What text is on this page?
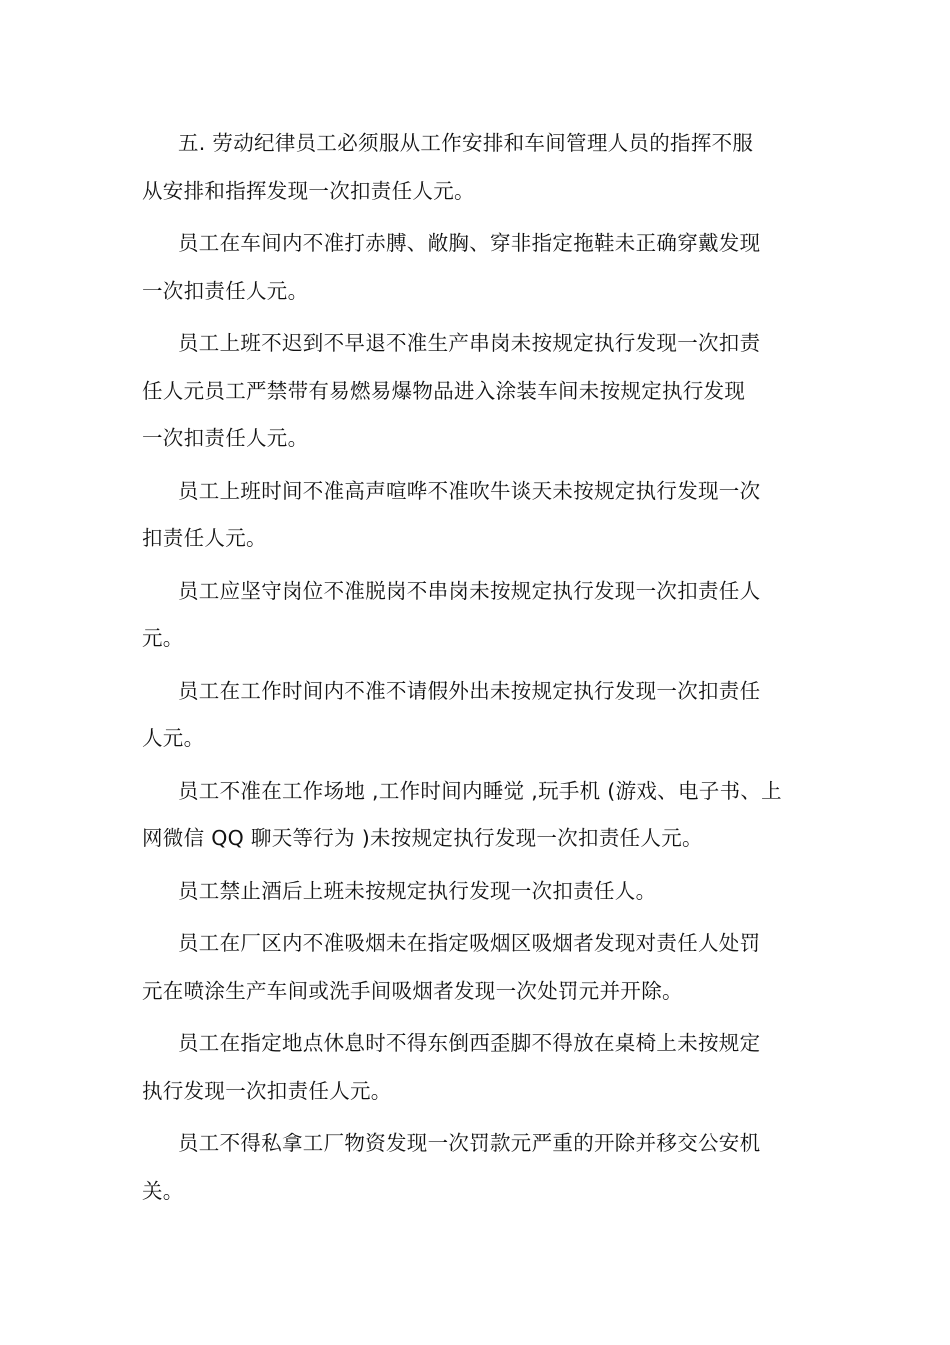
五. 劳动纪律员工必须服从工作安排和车间管理人员的指挥不服
从安排和指挥发现一次扣责任人元。
员工在车间内不准打赤膊、敞胸、穿非指定拖鞋未正确穿戴发现
一次扣责任人元。
员工上班不迟到不早退不准生产串岗未按规定执行发现一次扣责
任人元员工严禁带有易燃易爆物品进入涂装车间未按规定执行发现
一次扣责任人元。
员工上班时间不准高声喧哗不准吹牛谈天未按规定执行发现一次
扣责任人元。
员工应坚守岗位不准脱岗不串岗未按规定执行发现一次扣责任人
元。
员工在工作时间内不准不请假外出未按规定执行发现一次扣责任
人元。
员工不准在工作场地 ,工作时间内睡觉 ,玩手机 (游戏、电子书、上
网微信 QQ 聊天等行为 )未按规定执行发现一次扣责任人元。
员工禁止酒后上班未按规定执行发现一次扣责任人。
员工在厂区内不准吸烟未在指定吸烟区吸烟者发现对责任人处罚
元在喷涂生产车间或洗手间吸烟者发现一次处罚元并开除。
员工在指定地点休息时不得东倒西歪脚不得放在桌椅上未按规定
执行发现一次扣责任人元。
员工不得私拿工厂物资发现一次罚款元严重的开除并移交公安机
关。
